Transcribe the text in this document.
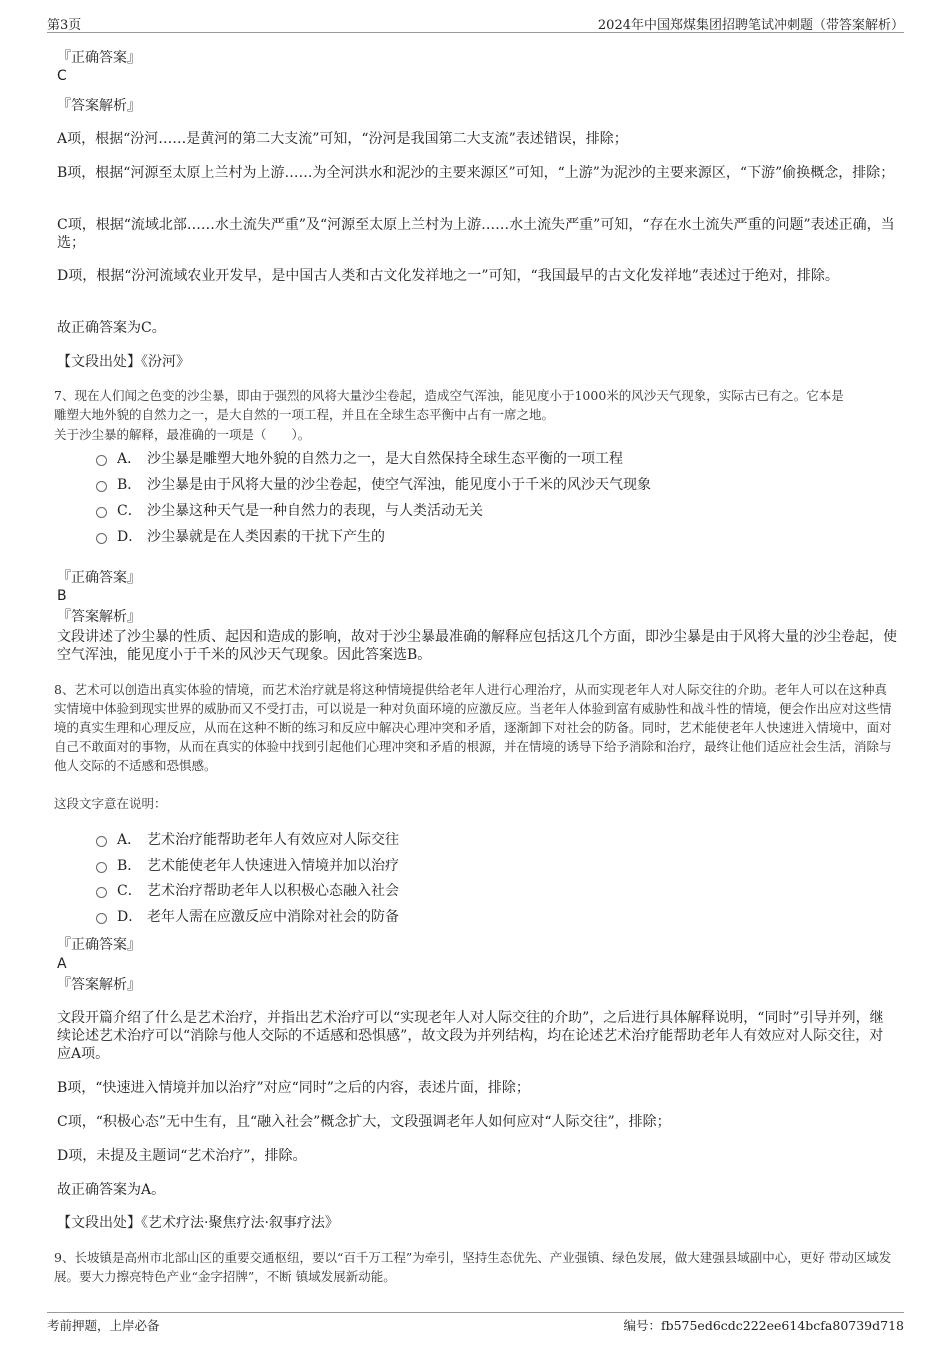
第3页	2024年中国郑煤集团招聘笔试冲刺题（带答案解析）
『正确答案』
C
『答案解析』
A项，根据“汾河……是黄河的第二大支流”可知，“汾河是我国第二大支流”表述错误，排除；
B项，根据“河源至太原上兰村为上游……为全河洪水和泥沙的主要来源区”可知，“上游”为泥沙的主要来源区，“下游”偷换概念，排除；
C项，根据“流域北部……水土流失严重”及“河源至太原上兰村为上游……水土流失严重”可知，“存在水土流失严重的问题”表述正确，当选；
D项，根据“汾河流域农业开发早，是中国古人类和古文化发祥地之一”可知，“我国最早的古文化发祥地”表述过于绝对，排除。
故正确答案为C。
【文段出处】《汾河》
7、现在人们闻之色变的沙尘暴，即由于强烈的风将大量沙尘卷起，造成空气浑浊，能见度小于1000米的风沙天气现象，实际古已有之。它本是
雕塑大地外貌的自然力之一，是大自然的一项工程，并且在全球生态平衡中占有一席之地。
关于沙尘暴的解释，最准确的一项是（　　）。
A． 沙尘暴是雕塑大地外貌的自然力之一，是大自然保持全球生态平衡的一项工程
B． 沙尘暴是由于风将大量的沙尘卷起，使空气浑浊，能见度小于千米的风沙天气现象
C． 沙尘暴这种天气是一种自然力的表现，与人类活动无关
D． 沙尘暴就是在人类因素的干扰下产生的
『正确答案』
B
『答案解析』
文段讲述了沙尘暴的性质、起因和造成的影响，故对于沙尘暴最准确的解释应包括这几个方面，即沙尘暴是由于风将大量的沙尘卷起，使空气浑浊，能见度小于千米的风沙天气现象。因此答案选B。
8、艺术可以创造出真实体验的情境，而艺术治疗就是将这种情境提供给老年人进行心理治疗，从而实现老年人对人际交往的介助。老年人可以在这种真实情境中体验到现实世界的威胁而又不受打击，可以说是一种对负面环境的应激反应。当老年人体验到富有威胁性和战斗性的情境，便会作出应对这些情境的真实生理和心理反应，从而在这种不断的练习和反应中解决心理冲突和矛盾，逐渐卸下对社会的防备。同时，艺术能使老年人快速进入情境中，面对自己不敢面对的事物，从而在真实的体验中找到引起他们心理冲突和矛盾的根源，并在情境的诱导下给予消除和治疗，最终让他们适应社会生活，消除与他人交际的不适感和恐惧感。
这段文字意在说明：
A． 艺术治疗能帮助老年人有效应对人际交往
B． 艺术能使老年人快速进入情境并加以治疗
C． 艺术治疗帮助老年人以积极心态融入社会
D． 老年人需在应激反应中消除对社会的防备
『正确答案』
A
『答案解析』
文段开篇介绍了什么是艺术治疗，并指出艺术治疗可以“实现老年人对人际交往的介助”，之后进行具体解释说明，“同时”引导并列，继续论述艺术治疗可以“消除与他人交际的不适感和恐惧感”，故文段为并列结构，均在论述艺术治疗能帮助老年人有效应对人际交往，对应A项。
B项，“快速进入情境并加以治疗”对应“同时”之后的内容，表述片面，排除；
C项，“积极心态”无中生有，且“融入社会”概念扩大，文段强调老年人如何应对“人际交往”，排除；
D项，未提及主题词“艺术治疗”，排除。
故正确答案为A。
【文段出处】《艺术疗法·聚焦疗法·叙事疗法》
9、长坡镇是高州市北部山区的重要交通枢纽，要以“百千万工程”为牵引，坚持生态优先、产业强镇、绿色发展，做大建强县域副中心，更好 带动区域发展。要大力擦亮特色产业“金字招牌”，不断 镇域发展新动能。
考前押题，上岸必备	编号：fb575ed6cdc222ee614bcfa80739d718
